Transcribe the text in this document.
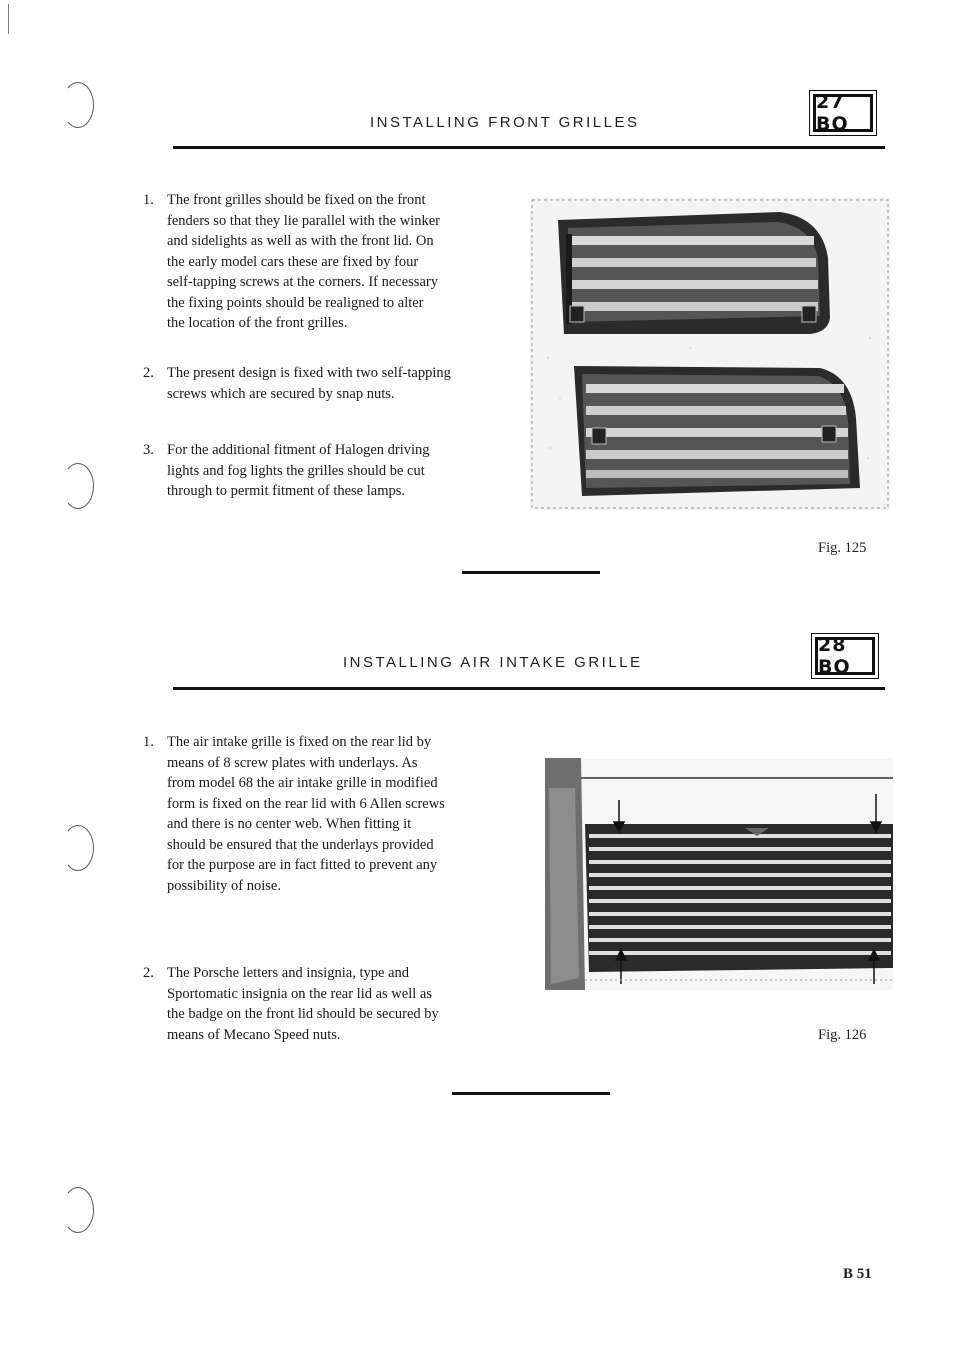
INSTALLING FRONT GRILLES
27 BO
1. The front grilles should be fixed on the front
fenders so that they lie parallel with the winker
and sidelights as well as with the front lid. On
the early model cars these are fixed by four
self-tapping screws at the corners. If necessary
the fixing points should be realigned to alter
the location of the front grilles.
2. The present design is fixed with two self-tapping
screws which are secured by snap nuts.
3. For the additional fitment of Halogen driving
lights and fog lights the grilles should be cut
through to permit fitment of these lamps.
Fig. 125
INSTALLING AIR INTAKE GRILLE
28 BO
1. The air intake grille is fixed on the rear lid by
means of 8 screw plates with underlays. As
from model 68 the air intake grille in modified
form is fixed on the rear lid with 6 Allen screws
and there is no center web. When fitting it
should be ensured that the underlays provided
for the purpose are in fact fitted to prevent any
possibility of noise.
2. The Porsche letters and insignia, type and
Sportomatic insignia on the rear lid as well as
the badge on the front lid should be secured by
means of Mecano Speed nuts.	Fig. 126
B 51
